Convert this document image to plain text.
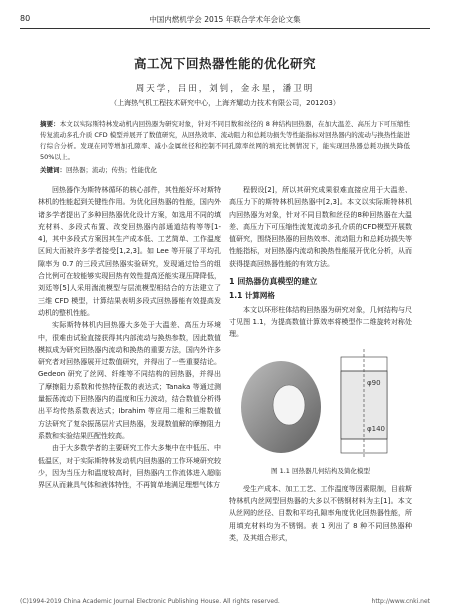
80	中国内燃机学会 2015 年联合学术年会论文集
高工况下回热器性能的优化研究
周天学，吕田，刘钊，金永星，潘卫明
（上海热气机工程技术研究中心，上海齐耀动力技术有限公司，201203）
摘要：本文以实际斯特林发动机内回热器为研究对象，针对不同目数和丝径的 8 种结构回热器，在加大温差、高压力下可压缩性传复流动多孔介质 CFD 模型并展开了数值研究，从回热效率、流动阻力和总耗功损失等性能指标对回热器内的流动与换热性能进行综合分析。发现在同等增加孔隙率、减小金属丝径和控制不同孔隙率丝网的填充比例情况下，能实现回热器总耗功损失降低 50%以上。
关键词：回热器；流动；传热；性能优化

回热器作为斯特林循环的核心部件，其性能好坏对斯特林机的性能起到关键性作用。为优化回热器的性能，国内外诸多学者提出了多种回热器优化设计方案，如选用不同的填充材料、多段式布置、改变回热器内部通道结构等等[1-4]，其中多段式方案因其生产成本低、工艺简单、工作温度区间大而被许多学者接受[1,2,3]。如 Lee 等开展了平均孔隙率为 0.7 的三段式回热器实验研究，发现通过恰当的组合比例可在较能够实现回热有效性提高还能实现压降降低，刘廷等[5]人采用湍流模型与层流模型相结合的方法建立了三维 CFD 模型，计算结果表明多段式回热器能有效提高发动机的整机性能。

实际斯特林机内回热器大多处于大温差、高压力环境中，很难由试验直接获得其内部流动与换热参数，因此数值模拟成为研究回热器内流动和换热的重要方法，国内外许多研究者对回热器展开过数值研究，并得出了一些重要结论。Gedeon 研究了丝网、纤维等不同结构的回热器，并得出了摩擦阻力系数和传热特征数的表达式；Tanaka 等通过测量振荡流动下回热器内的温度和压力波动，结合数值分析得出平均传热系数表达式；Ibrahim 等应用二维和三维数值方法研究了复杂振荡层片式回热器，发现数值解的摩擦阻力系数和实验结果匹配性较高。

由于大多数学者的主要研究工作大多集中在中低压、中低温区，对于实际斯特林发动机内回热器的工作环境研究较少，因为当压力和温度较高时，回热器内工作流体进入超临界区从而兼具气体和液体特性，不再简单地满足理想气体方

程假设[2]，所以其研究成果很难直接应用于大温差、高压力下的斯特林机回热器中[2,3]。本文以实际斯特林机内回热器为对象，针对不同目数和丝径的8种回热器在大温差、高压力下可压缩性流复流动多孔介质的CFD模型开展数值研究，围绕回热器的回热效率、流动阻力和总耗功损失等性能指标，对回热器内流动和换热性能展开优化分析，从而获得提高回热器性能的有效方法。

1 回热器仿真模型的建立
1.1 计算网格

本文以环形柱体结构回热器为研究对象，几何结构与尺寸见图 1.1，为提高数值计算效率将模型作二维旋转对称处理。

φ90
φ140
图 1.1 回热器几何结构及简化模型

受生产成本、加工工艺、工作温度等因素限制，目前斯特林机内丝网型回热器的大多以不锈钢材料为主[1]。本文从丝网的丝径、目数和平均孔隙率角度优化回热器性能，所用填充材料均为不锈钢。表 1 列出了 8 种不同回热器种类，及其组合形式，

(C)1994-2019 China Academic Journal Electronic Publishing House. All rights reserved.	http://www.cnki.net
